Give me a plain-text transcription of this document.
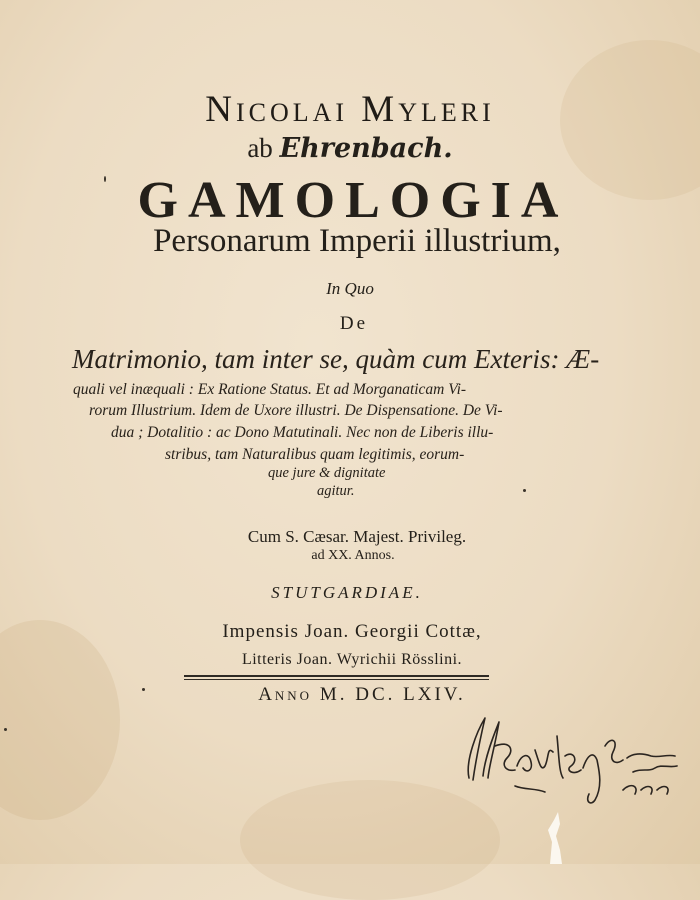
Nicolai Myleri
ab Ehrenbach.
GAMOLOGIA
Personarum Imperii illustrium,
In Quo
De
Matrimonio, tam inter se, quàm cum Exteris: Æ-
quali vel inæquali : Ex Ratione Status. Et ad Morganaticam Vi-
rorum Illustrium. Idem de Uxore illustri. De Dispensatione. De Vi-
dua ; Dotalitio : ac Dono Matutinali. Nec non de Liberis illu-
stribus, tam Naturalibus quam legitimis, eorum-
que jure & dignitate
agitur.
Cum S. Cæsar. Majest. Privileg.
ad XX. Annos.
STUTGARDIAE.
Impensis Joan. Georgii Cottæ,
Litteris Joan. Wyrichii Rösslini.
Anno M. DC. LXIV.
